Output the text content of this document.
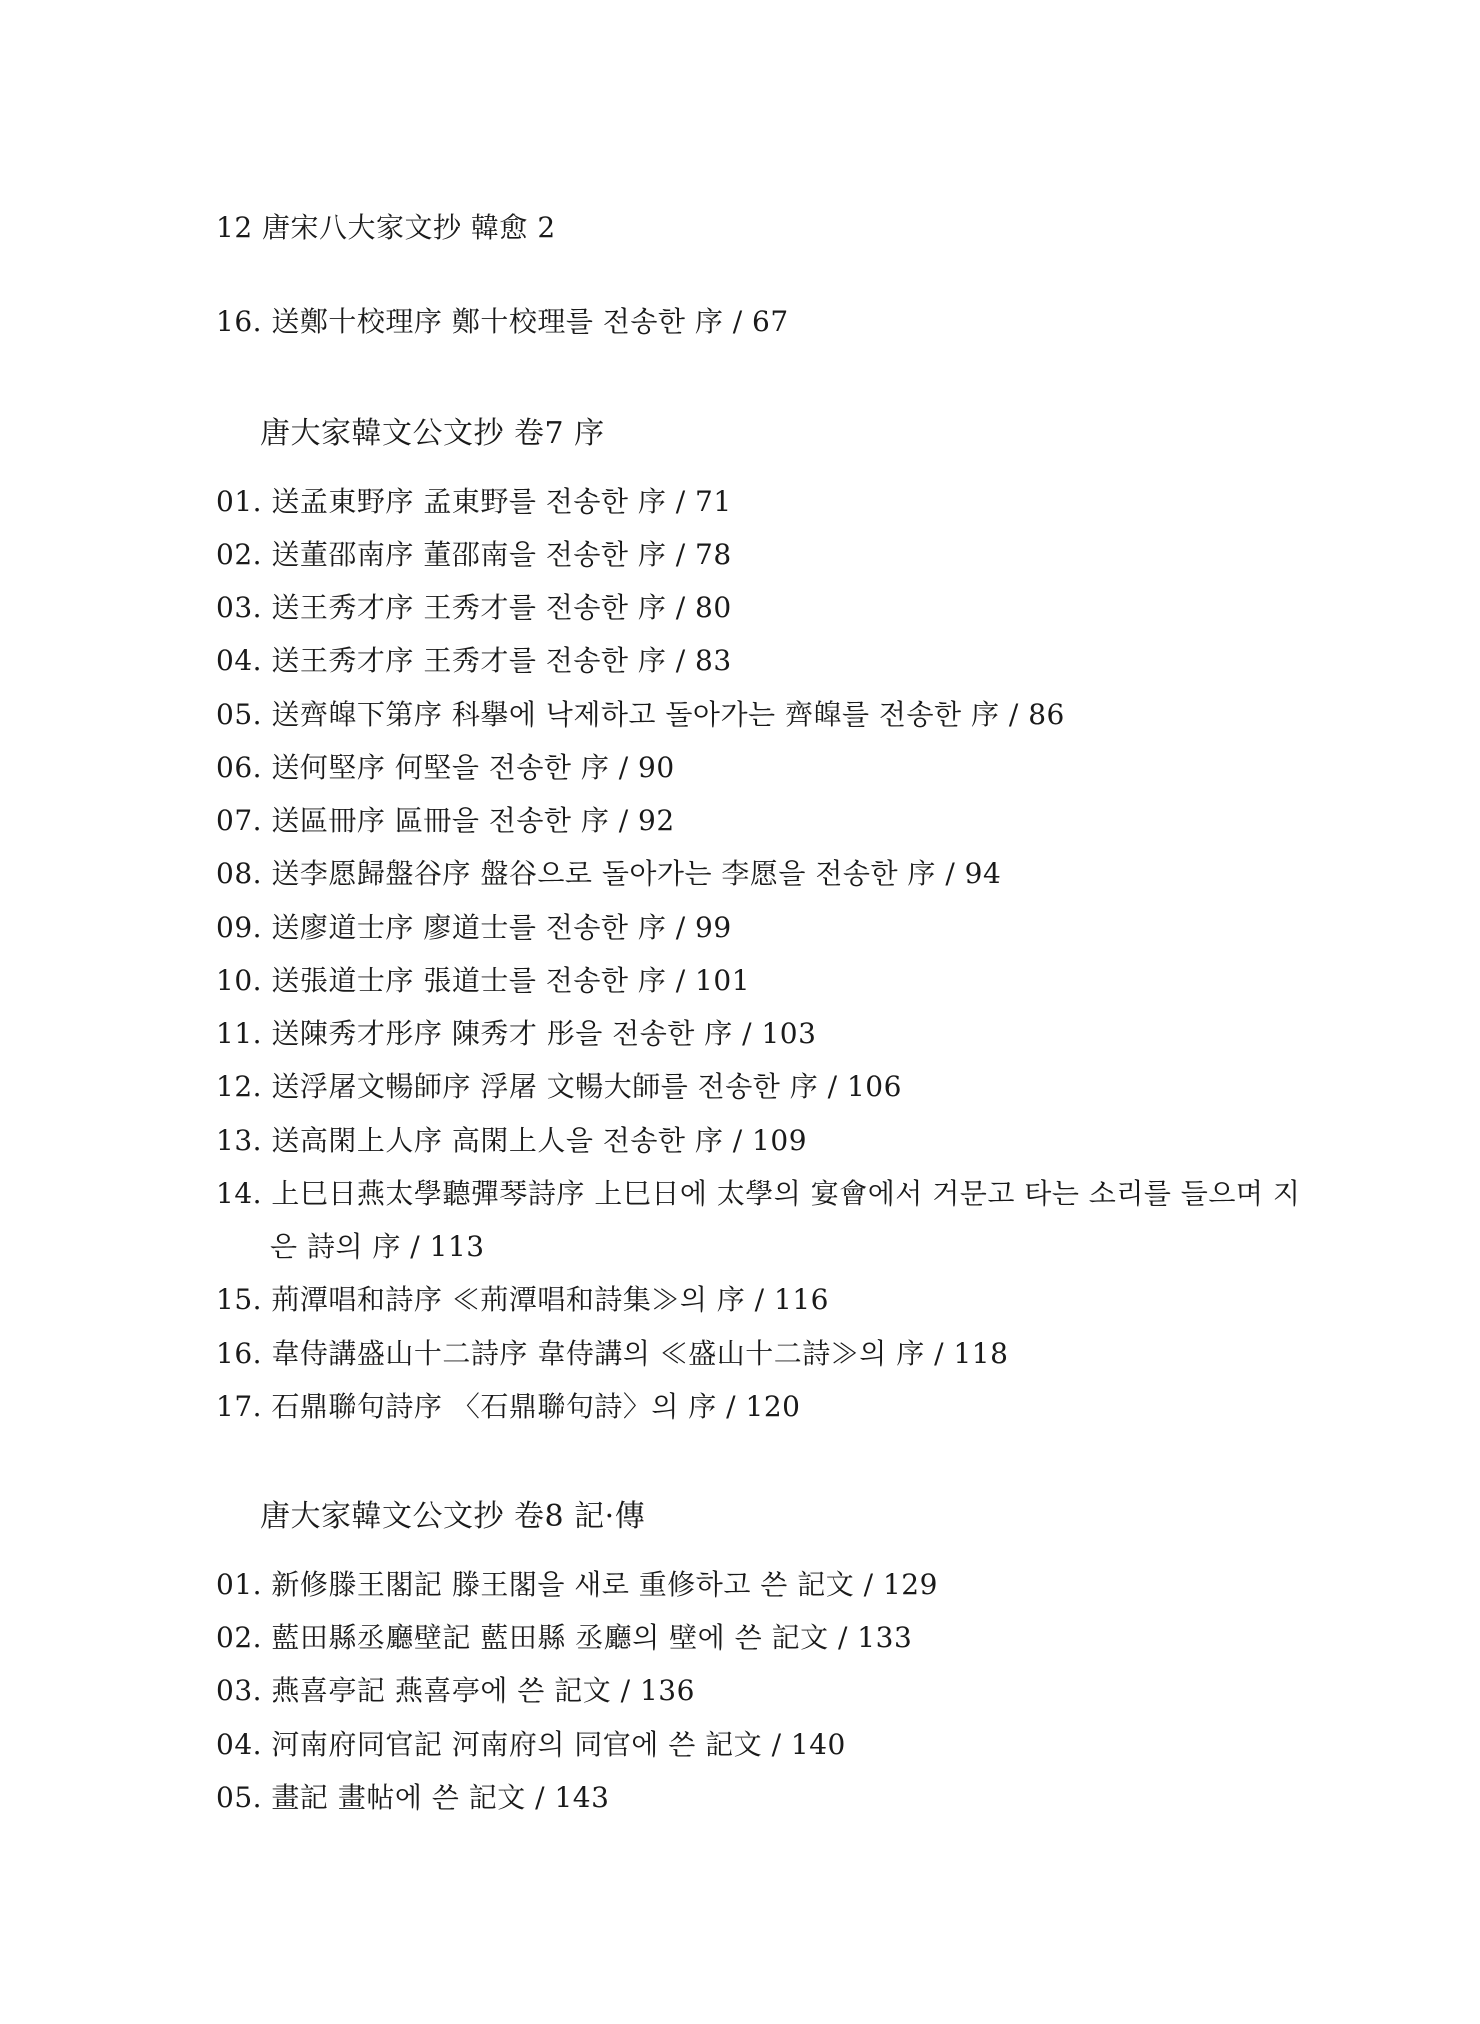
12 唐宋八大家文抄 韓愈 2
16. 送鄭十校理序 鄭十校理를 전송한 序 / 67
唐大家韓文公文抄 卷7 序
01. 送孟東野序 孟東野를 전송한 序 / 71
02. 送董邵南序 董邵南을 전송한 序 / 78
03. 送王秀才序 王秀才를 전송한 序 / 80
04. 送王秀才序 王秀才를 전송한 序 / 83
05. 送齊皡下第序 科擧에 낙제하고 돌아가는 齊皡를 전송한 序 / 86
06. 送何堅序 何堅을 전송한 序 / 90
07. 送區冊序 區冊을 전송한 序 / 92
08. 送李愿歸盤谷序 盤谷으로 돌아가는 李愿을 전송한 序 / 94
09. 送廖道士序 廖道士를 전송한 序 / 99
10. 送張道士序 張道士를 전송한 序 / 101
11. 送陳秀才彤序 陳秀才 彤을 전송한 序 / 103
12. 送浮屠文暢師序 浮屠 文暢大師를 전송한 序 / 106
13. 送高閑上人序 高閑上人을 전송한 序 / 109
14. 上巳日燕太學聽彈琴詩序 上巳日에 太學의 宴會에서 거문고 타는 소리를 들으며 지
은 詩의 序 / 113
15. 荊潭唱和詩序 ≪荊潭唱和詩集≫의 序 / 116
16. 韋侍講盛山十二詩序 韋侍講의 ≪盛山十二詩≫의 序 / 118
17. 石鼎聯句詩序 〈石鼎聯句詩〉의 序 / 120
唐大家韓文公文抄 卷8 記·傳
01. 新修滕王閣記 滕王閣을 새로 重修하고 쓴 記文 / 129
02. 藍田縣丞廳壁記 藍田縣 丞廳의 壁에 쓴 記文 / 133
03. 燕喜亭記 燕喜亭에 쓴 記文 / 136
04. 河南府同官記 河南府의 同官에 쓴 記文 / 140
05. 畫記 畫帖에 쓴 記文 / 143
